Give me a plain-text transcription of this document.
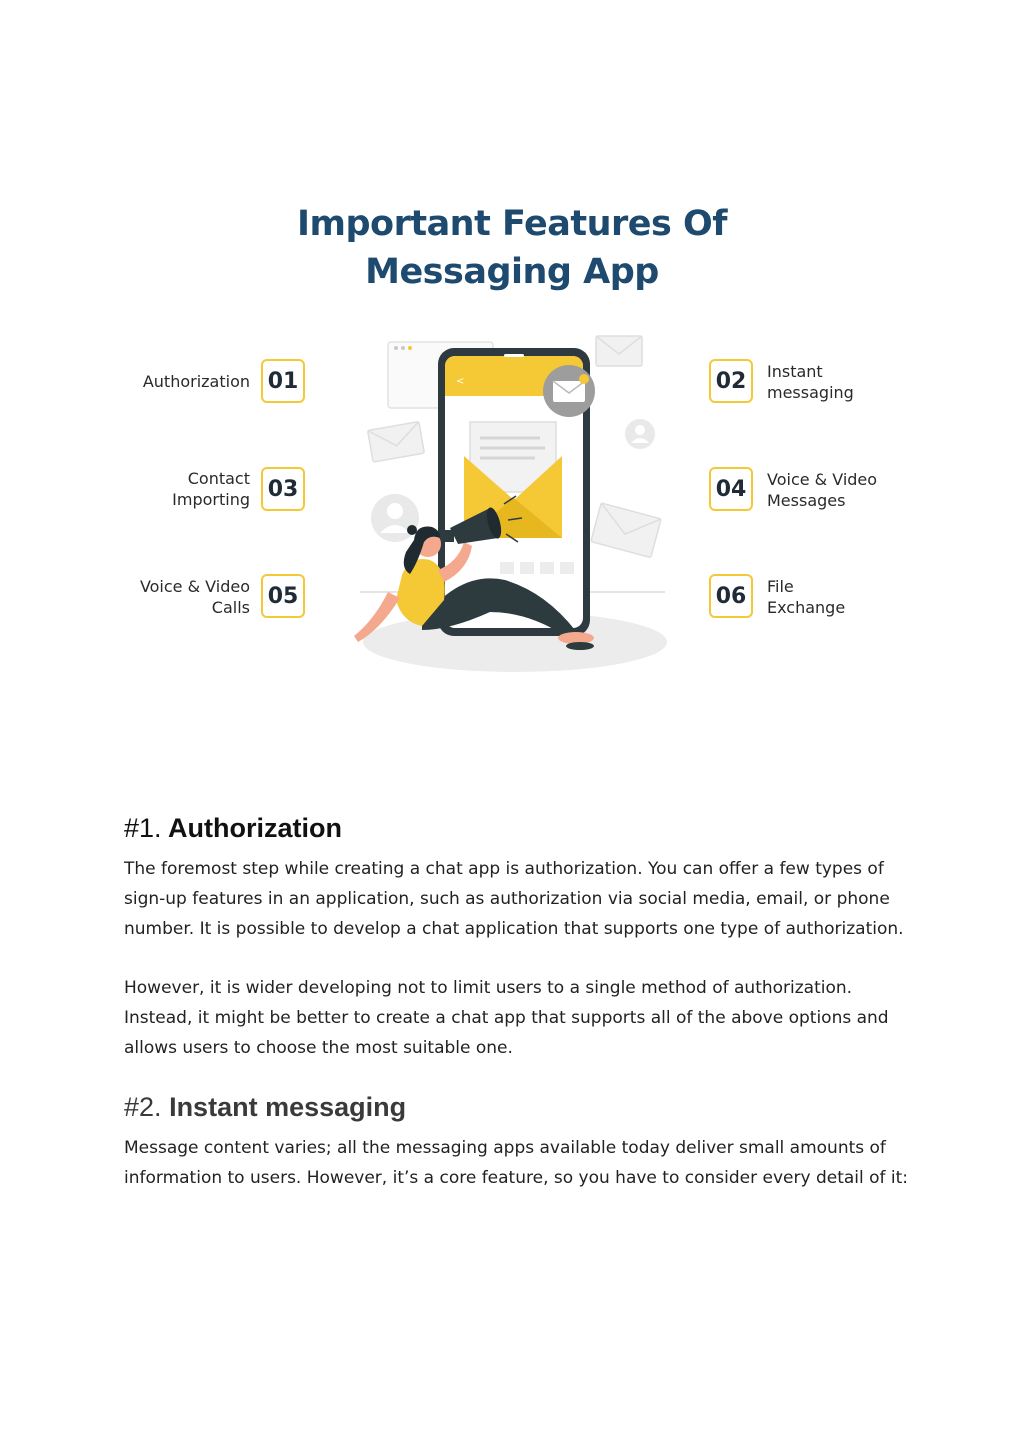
Important Features Of
Messaging App
Authorization 01	02	Instant
messaging
Contact
Importing 03	04	Voice & Video
Messages
Voice & Video
Calls 05	06	File
Exchange
<
#1. Authorization

The foremost step while creating a chat app is authorization. You can offer a few types of
sign-up features in an application, such as authorization via social media, email, or phone
number. It is possible to develop a chat application that supports one type of authorization.

However, it is wider developing not to limit users to a single method of authorization.
Instead, it might be better to create a chat app that supports all of the above options and
allows users to choose the most suitable one.

#2. Instant messaging

Message content varies; all the messaging apps available today deliver small amounts of
information to users. However, it’s a core feature, so you have to consider every detail of it:
